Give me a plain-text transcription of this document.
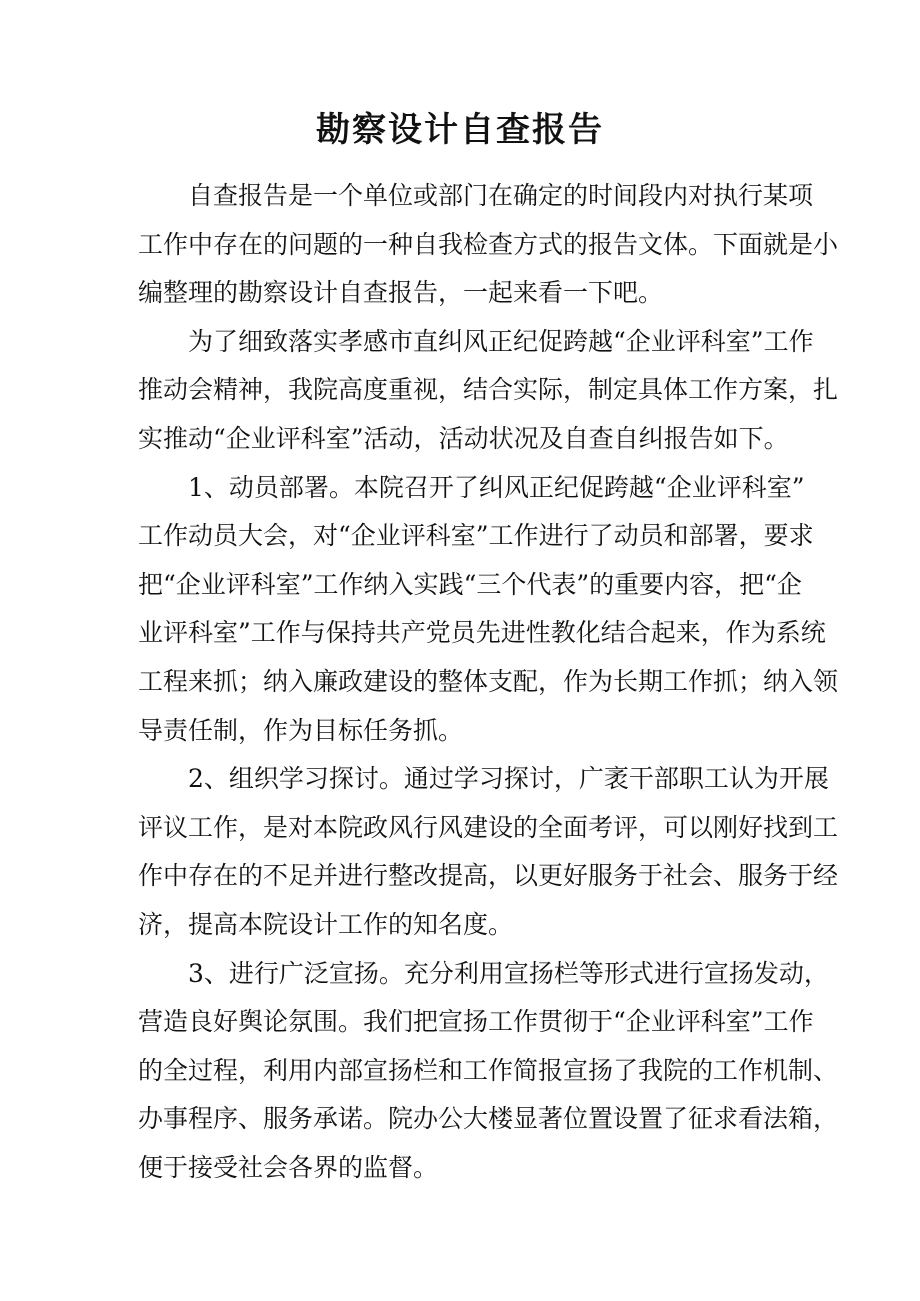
勘察设计自查报告
自查报告是一个单位或部门在确定的时间段内对执行某项
工作中存在的问题的一种自我检查方式的报告文体。下面就是小
编整理的勘察设计自查报告，一起来看一下吧。
为了细致落实孝感市直纠风正纪促跨越“企业评科室”工作
推动会精神，我院高度重视，结合实际，制定具体工作方案，扎
实推动“企业评科室”活动，活动状况及自查自纠报告如下。
1、动员部署。本院召开了纠风正纪促跨越“企业评科室”
工作动员大会，对“企业评科室”工作进行了动员和部署，要求
把“企业评科室”工作纳入实践“三个代表”的重要内容，把“企
业评科室”工作与保持共产党员先进性教化结合起来，作为系统
工程来抓；纳入廉政建设的整体支配，作为长期工作抓；纳入领
导责任制，作为目标任务抓。
2、组织学习探讨。通过学习探讨，广袤干部职工认为开展
评议工作，是对本院政风行风建设的全面考评，可以刚好找到工
作中存在的不足并进行整改提高，以更好服务于社会、服务于经
济，提高本院设计工作的知名度。
3、进行广泛宣扬。充分利用宣扬栏等形式进行宣扬发动，
营造良好舆论氛围。我们把宣扬工作贯彻于“企业评科室”工作
的全过程，利用内部宣扬栏和工作简报宣扬了我院的工作机制、
办事程序、服务承诺。院办公大楼显著位置设置了征求看法箱，
便于接受社会各界的监督。
